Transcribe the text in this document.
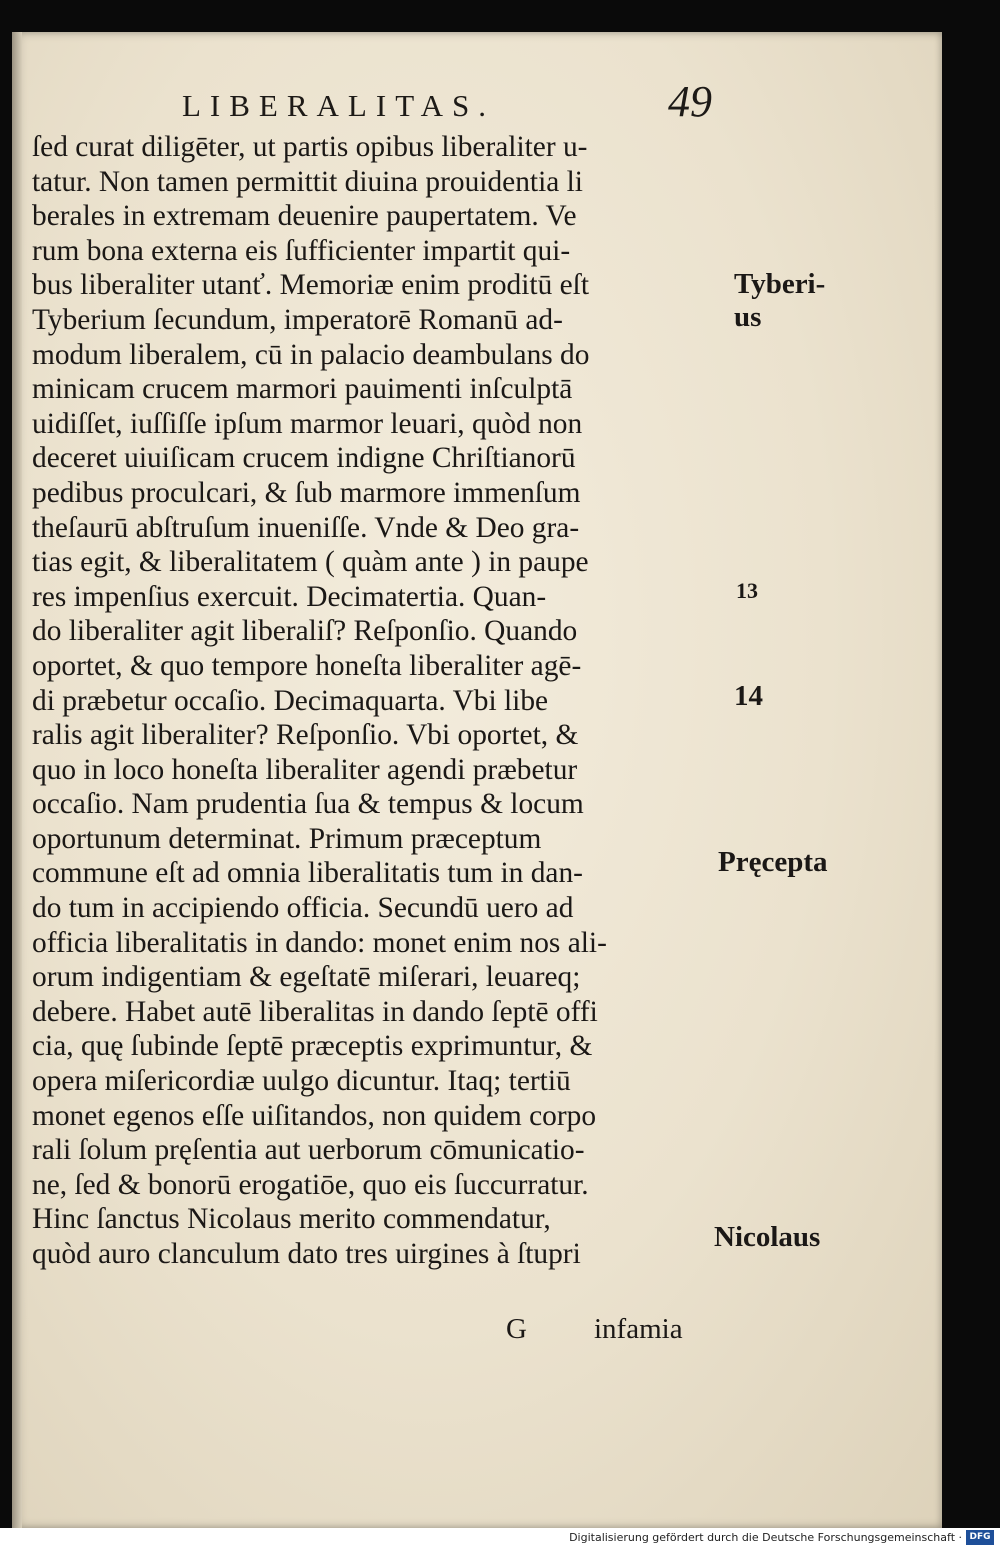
LIBERALITAS.	49
ſed curat diligēter, ut partis opibus liberaliter u-
tatur. Non tamen permittit diuina prouidentia li
berales in extremam deuenire paupertatem. Ve
rum bona externa eis ſufficienter impartit qui-
bus liberaliter utanť. Memoriæ enim proditū eſt
Tyberium ſecundum, imperatorē Romanū ad-
modum liberalem, cū in palacio deambulans do
minicam crucem marmori pauimenti inſculptā
uidiſſet, iuſſiſſe ipſum marmor leuari, quòd non
deceret uiuiſicam crucem indigne Chriſtianorū
pedibus proculcari, & ſub marmore immenſum
theſaurū abſtruſum inueniſſe. Vnde & Deo gra-
tias egit, & liberalitatem ( quàm ante ) in paupe
res impenſius exercuit. Decimatertia. Quan-
do liberaliter agit liberaliſ? Reſponſio. Quando
oportet, & quo tempore honeſta liberaliter agē-
di præbetur occaſio. Decimaquarta. Vbi libe
ralis agit liberaliter? Reſponſio. Vbi oportet, &
quo in loco honeſta liberaliter agendi præbetur
occaſio. Nam prudentia ſua & tempus & locum
oportunum determinat. Primum præceptum
commune eſt ad omnia liberalitatis tum in dan-
do tum in accipiendo officia. Secundū uero ad
officia liberalitatis in dando: monet enim nos ali-
orum indigentiam & egeſtatē miſerari, leuareq;
debere. Habet autē liberalitas in dando ſeptē offi
cia, quę ſubinde ſeptē præceptis exprimuntur, &
opera miſericordiæ uulgo dicuntur. Itaq; tertiū
monet egenos eſſe uiſitandos, non quidem corpo
rali ſolum pręſentia aut uerborum cōmunicatio-
ne, ſed & bonorū erogatiōe, quo eis ſuccurratur.
Hinc ſanctus Nicolaus merito commendatur,
quòd auro clanculum dato tres uirgines à ſtupri
Tyberi-
us
13
14
Pręcepta
Nicolaus
G infamia
Digitalisierung gefördert durch die Deutsche Forschungsgemeinschaft · DFG
